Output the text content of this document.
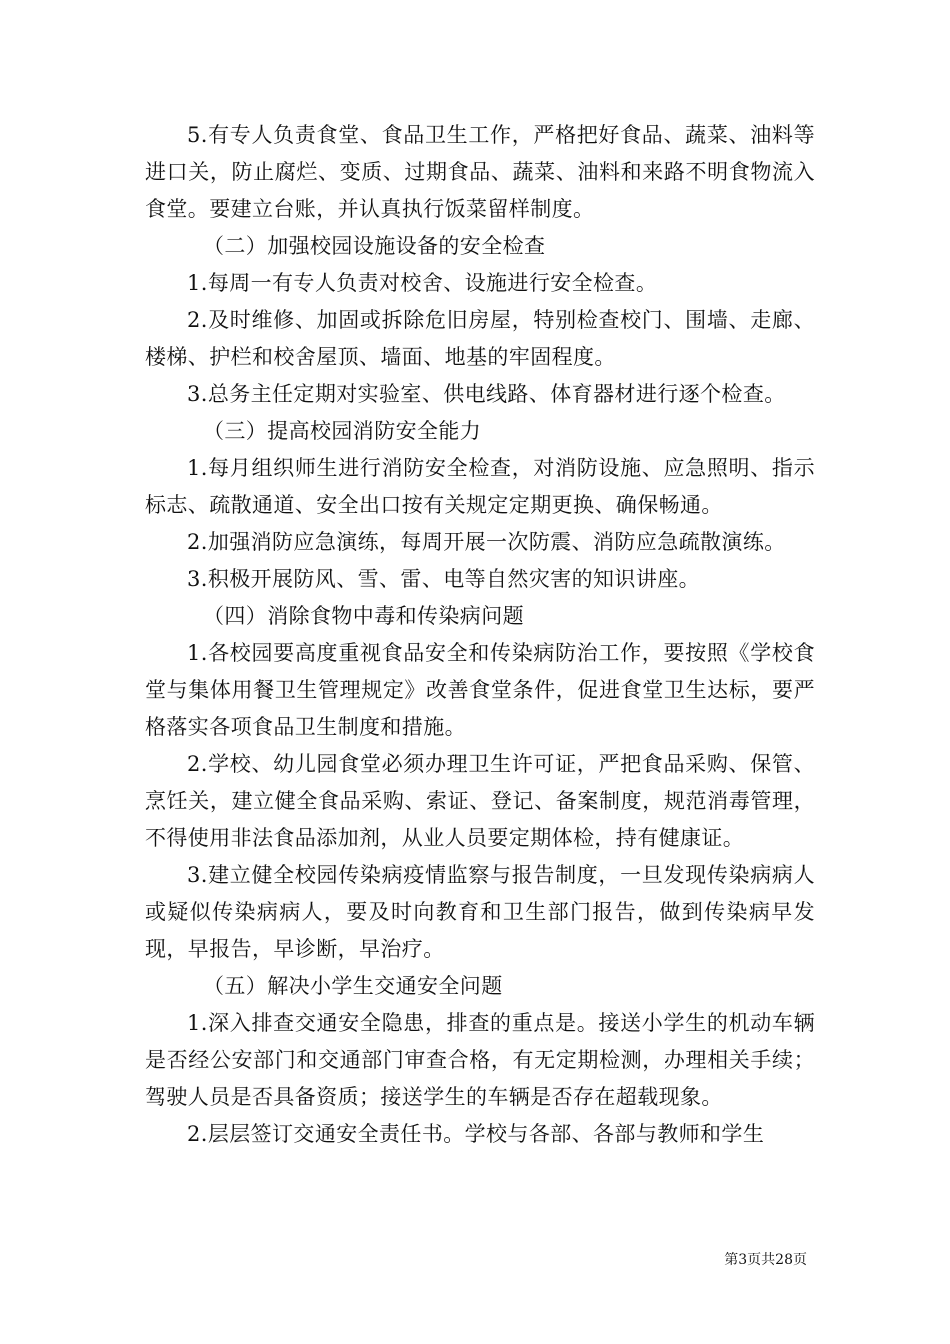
5.有专人负责食堂、食品卫生工作，严格把好食品、蔬菜、油料等进口关，防止腐烂、变质、过期食品、蔬菜、油料和来路不明食物流入食堂。要建立台账，并认真执行饭菜留样制度。

（二）加强校园设施设备的安全检查

1.每周一有专人负责对校舍、设施进行安全检查。

2.及时维修、加固或拆除危旧房屋，特别检查校门、围墙、走廊、楼梯、护栏和校舍屋顶、墙面、地基的牢固程度。

3.总务主任定期对实验室、供电线路、体育器材进行逐个检查。

（三）提高校园消防安全能力

1.每月组织师生进行消防安全检查，对消防设施、应急照明、指示标志、疏散通道、安全出口按有关规定定期更换、确保畅通。

2.加强消防应急演练，每周开展一次防震、消防应急疏散演练。

3.积极开展防风、雪、雷、电等自然灾害的知识讲座。

（四）消除食物中毒和传染病问题

1.各校园要高度重视食品安全和传染病防治工作，要按照《学校食堂与集体用餐卫生管理规定》改善食堂条件，促进食堂卫生达标，要严格落实各项食品卫生制度和措施。

2.学校、幼儿园食堂必须办理卫生许可证，严把食品采购、保管、烹饪关，建立健全食品采购、索证、登记、备案制度，规范消毒管理，不得使用非法食品添加剂，从业人员要定期体检，持有健康证。

3.建立健全校园传染病疫情监察与报告制度，一旦发现传染病病人或疑似传染病病人，要及时向教育和卫生部门报告，做到传染病早发现，早报告，早诊断，早治疗。

（五）解决小学生交通安全问题

1.深入排查交通安全隐患，排查的重点是。接送小学生的机动车辆是否经公安部门和交通部门审查合格，有无定期检测，办理相关手续；驾驶人员是否具备资质；接送学生的车辆是否存在超载现象。

2.层层签订交通安全责任书。学校与各部、各部与教师和学生

第3页共28页
